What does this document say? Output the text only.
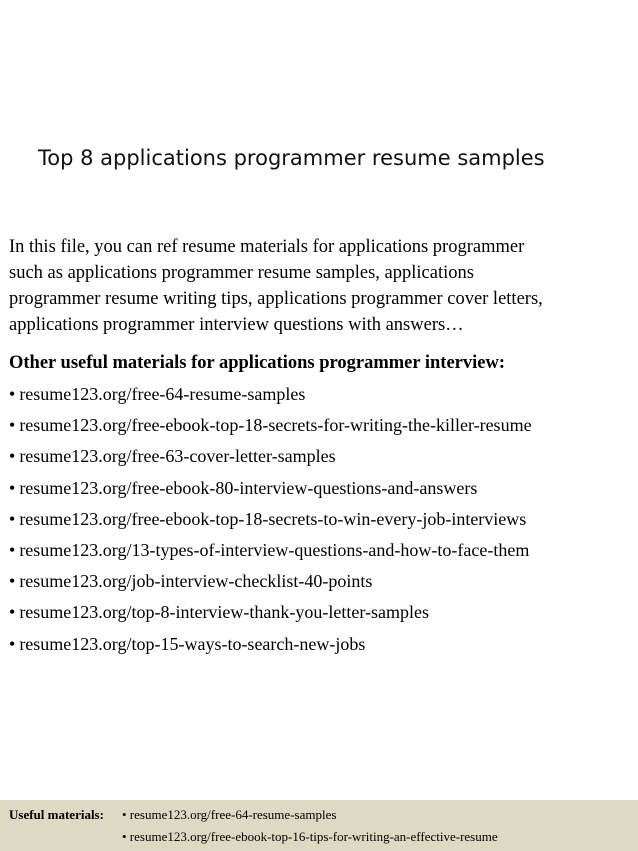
Top 8 applications programmer resume samples

In this file, you can ref resume materials for applications programmer
such as applications programmer resume samples, applications
programmer resume writing tips, applications programmer cover letters,
applications programmer interview questions with answers…

Other useful materials for applications programmer interview:
• resume123.org/free-64-resume-samples
• resume123.org/free-ebook-top-18-secrets-for-writing-the-killer-resume
• resume123.org/free-63-cover-letter-samples
• resume123.org/free-ebook-80-interview-questions-and-answers
• resume123.org/free-ebook-top-18-secrets-to-win-every-job-interviews
• resume123.org/13-types-of-interview-questions-and-how-to-face-them
• resume123.org/job-interview-checklist-40-points
• resume123.org/top-8-interview-thank-you-letter-samples
• resume123.org/top-15-ways-to-search-new-jobs
Useful materials: • resume123.org/free-64-resume-samples
• resume123.org/free-ebook-top-16-tips-for-writing-an-effective-resume
